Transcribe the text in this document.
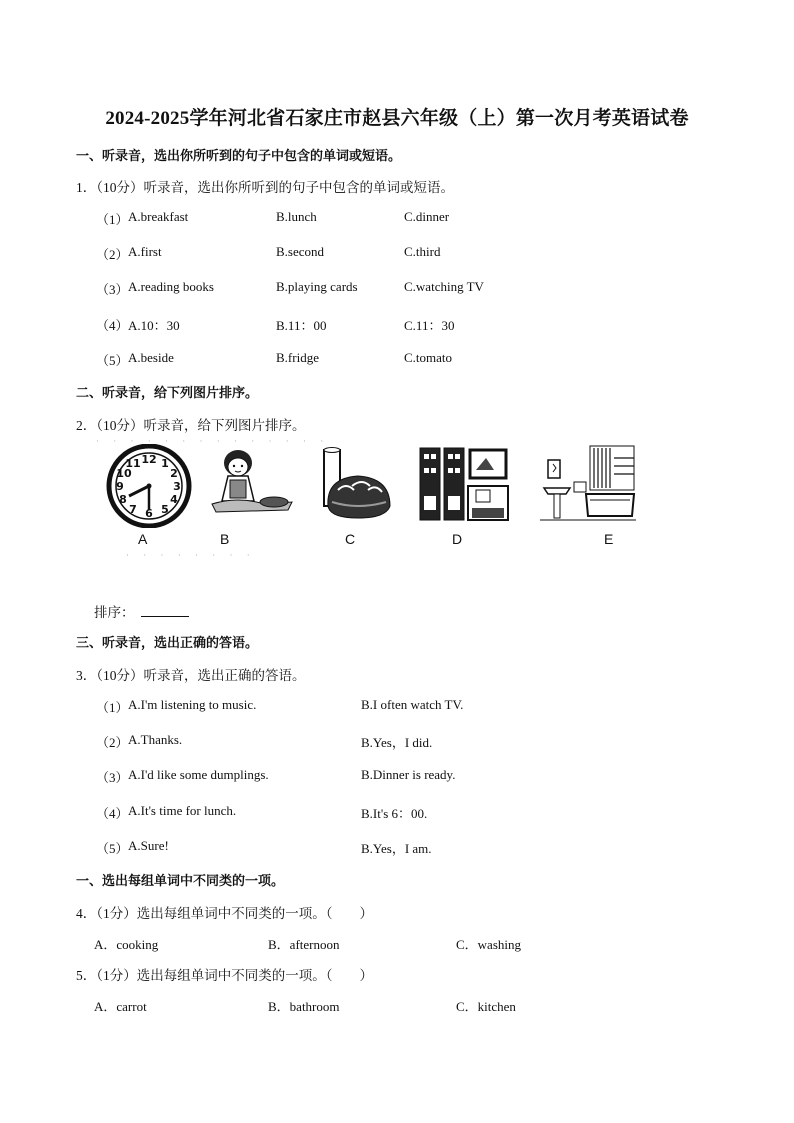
2024-2025学年河北省石家庄市赵县六年级（上）第一次月考英语试卷
一、听录音，选出你所听到的句子中包含的单词或短语。
1．（10分）听录音，选出你所听到的句子中包含的单词或短语。
（1） A.breakfast	B.lunch	C.dinner
（2） A.first	B.second	C.third
（3） A.reading books	B.playing cards	C.watching TV
（4） A.10：30	B.11：00	C.11：30
（5） A.beside	B.fridge	C.tomato
二、听录音，给下列图片排序。
2．（10分）听录音，给下列图片排序。
· · · · · · · · · · · · · ·
12 1
2
3
4
5
6
7
8
9
10
11
A	B	C	D	E
· · · · · · · ·
排序：
三、听录音，选出正确的答语。
3．（10分）听录音，选出正确的答语。
（1） A.I'm listening to music.	B.I often watch TV.
（2） A.Thanks.	B.Yes，I did.
（3） A.I'd like some dumplings.	B.Dinner is ready.
（4） A.It's time for lunch.	B.It's 6：00.
（5） A.Sure!	B.Yes，I am.
一、选出每组单词中不同类的一项。
4．（1分）选出每组单词中不同类的一项。（　　）
A．cooking	B．afternoon	C．washing
5．（1分）选出每组单词中不同类的一项。（　　）
A．carrot	B．bathroom	C．kitchen
